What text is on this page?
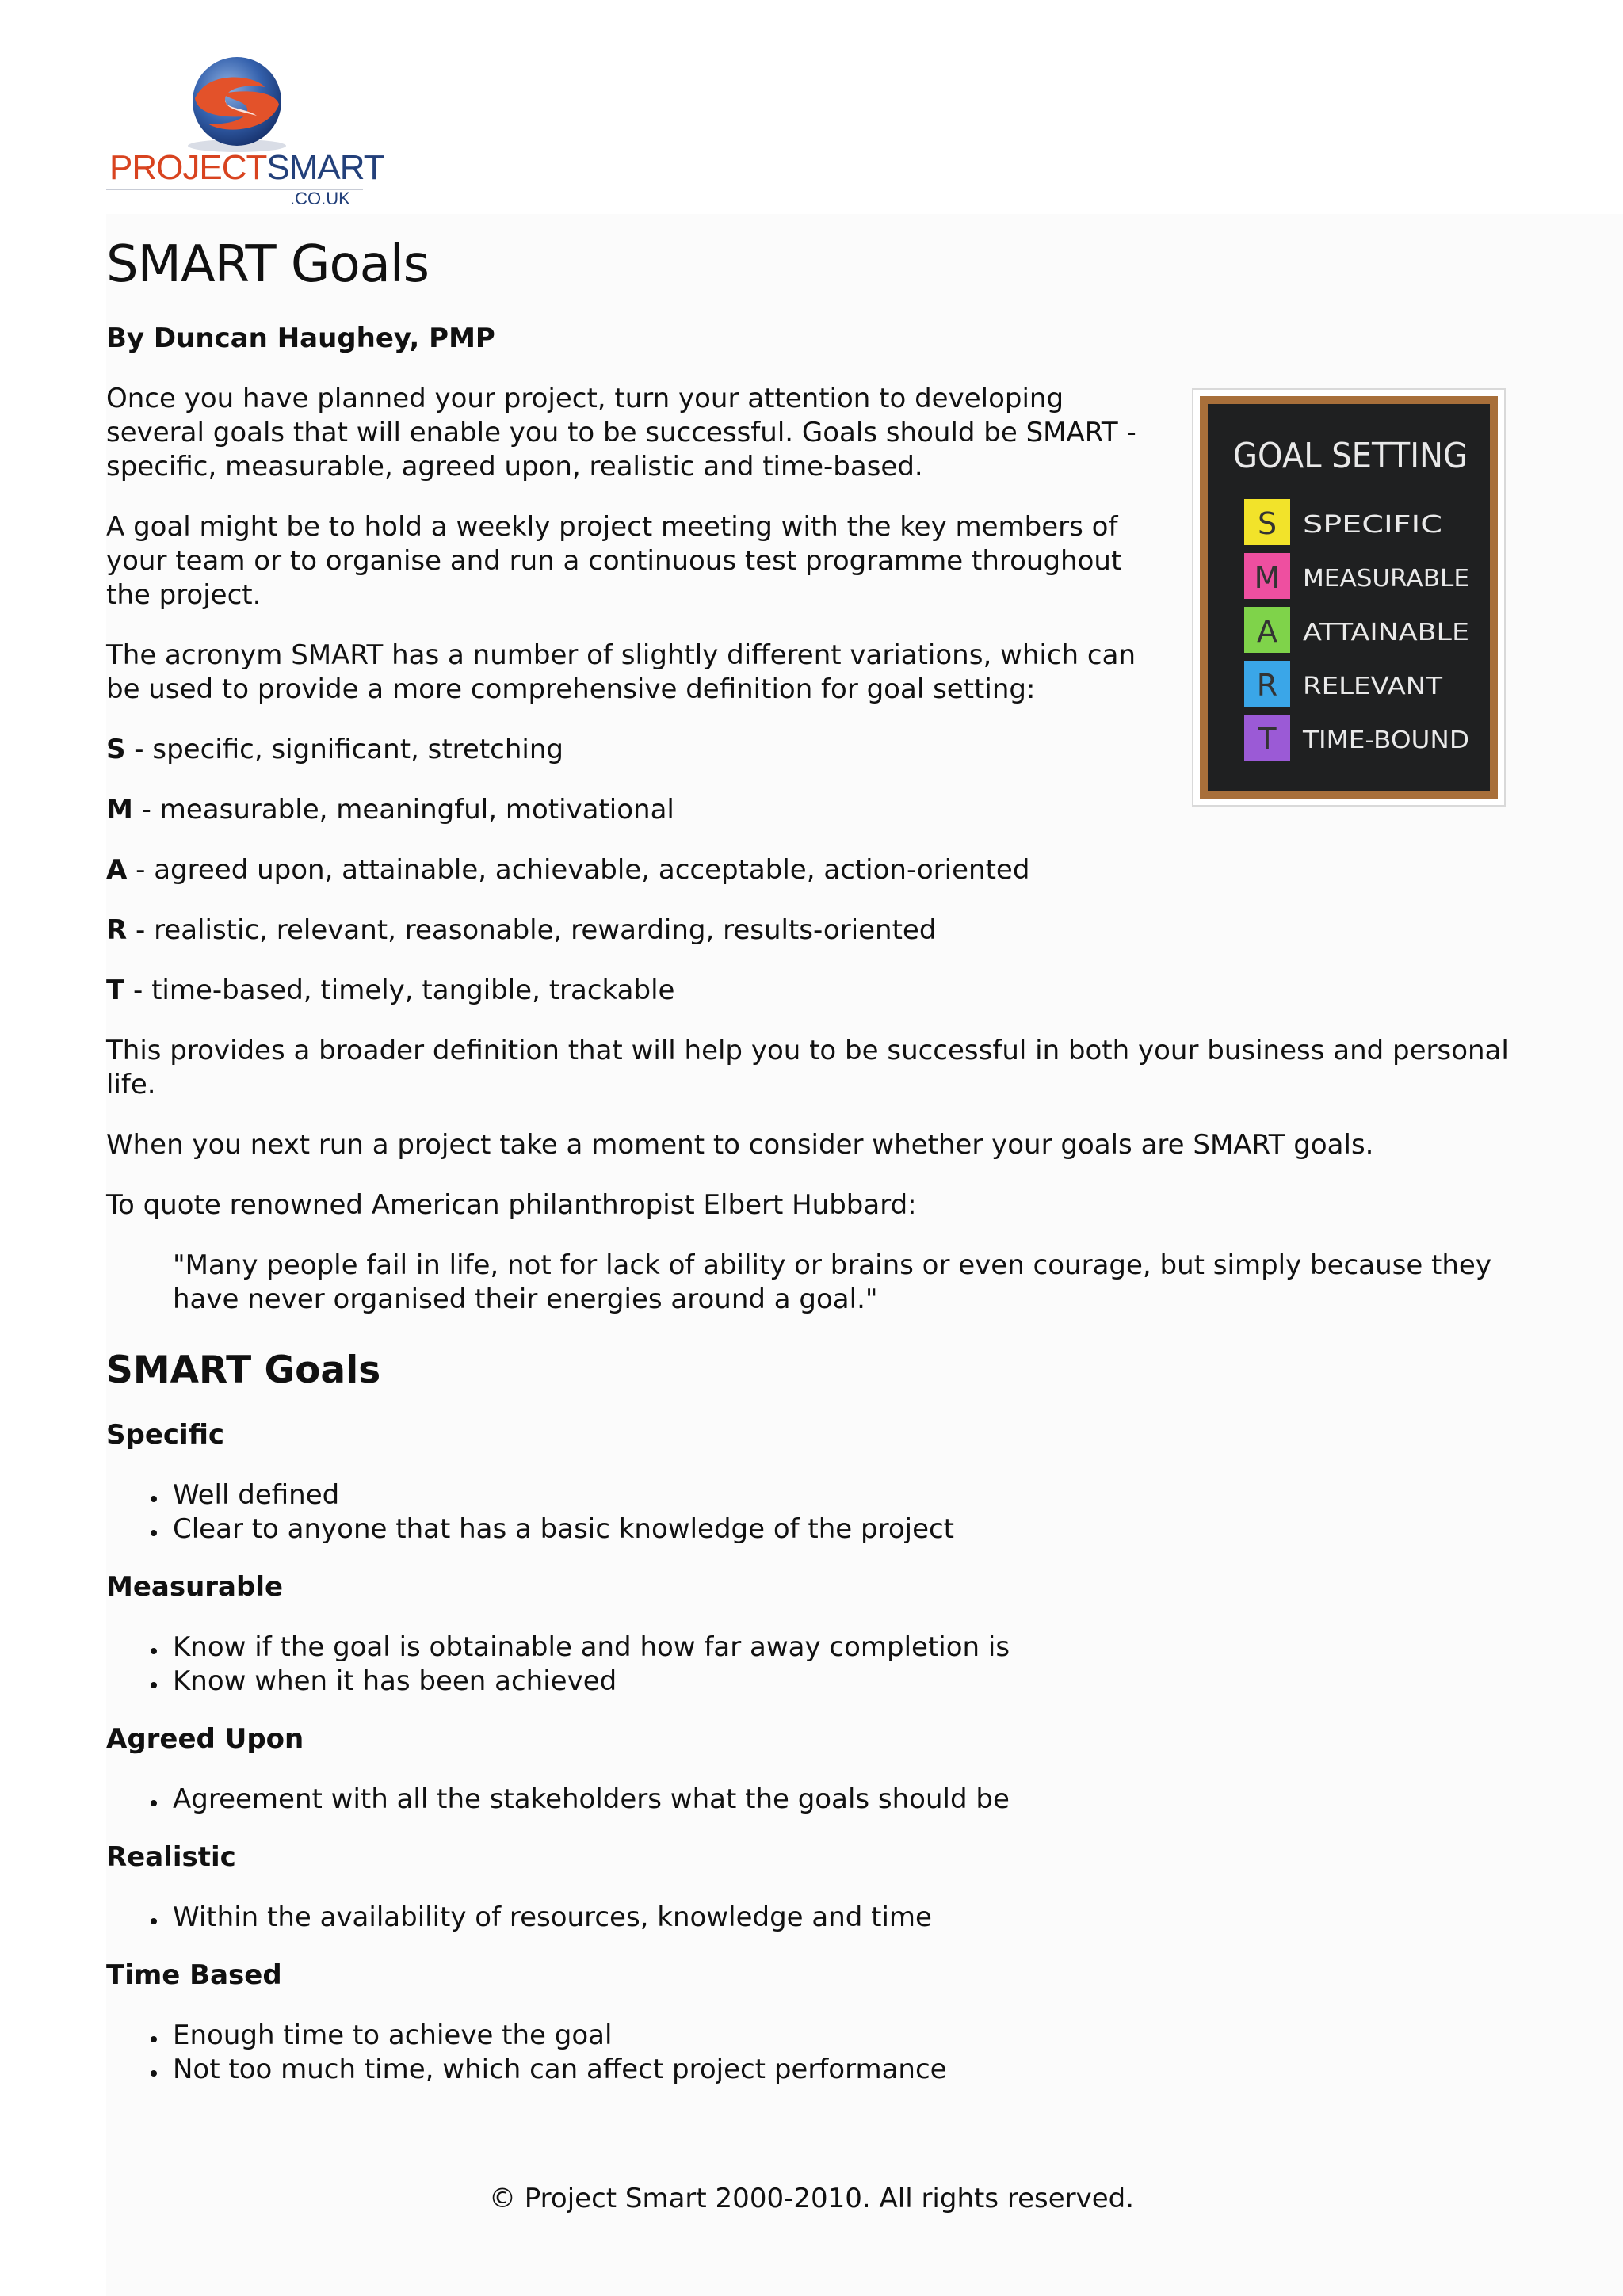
PROJECTSMART
.CO.UK
GOAL SETTING
S SPECIFIC
M MEASURABLE
A ATTAINABLE
R RELEVANT
T TIME-BOUND
SMART Goals
By Duncan Haughey, PMP

Once you have planned your project, turn your attention to developing several goals that will enable you to be successful. Goals should be SMART - specific, measurable, agreed upon, realistic and time-based.

A goal might be to hold a weekly project meeting with the key members of your team or to organise and run a continuous test programme throughout the project.

The acronym SMART has a number of slightly different variations, which can be used to provide a more comprehensive definition for goal setting:

S - specific, significant, stretching

M - measurable, meaningful, motivational

A - agreed upon, attainable, achievable, acceptable, action-oriented

R - realistic, relevant, reasonable, rewarding, results-oriented

T - time-based, timely, tangible, trackable

This provides a broader definition that will help you to be successful in both your business and personal life.

When you next run a project take a moment to consider whether your goals are SMART goals.

To quote renowned American philanthropist Elbert Hubbard:

"Many people fail in life, not for lack of ability or brains or even courage, but simply because they have never organised their energies around a goal."
SMART Goals
Specific
Well defined
Clear to anyone that has a basic knowledge of the project
Measurable
Know if the goal is obtainable and how far away completion is
Know when it has been achieved
Agreed Upon
Agreement with all the stakeholders what the goals should be
Realistic
Within the availability of resources, knowledge and time
Time Based
Enough time to achieve the goal
Not too much time, which can affect project performance
© Project Smart 2000-2010. All rights reserved.
